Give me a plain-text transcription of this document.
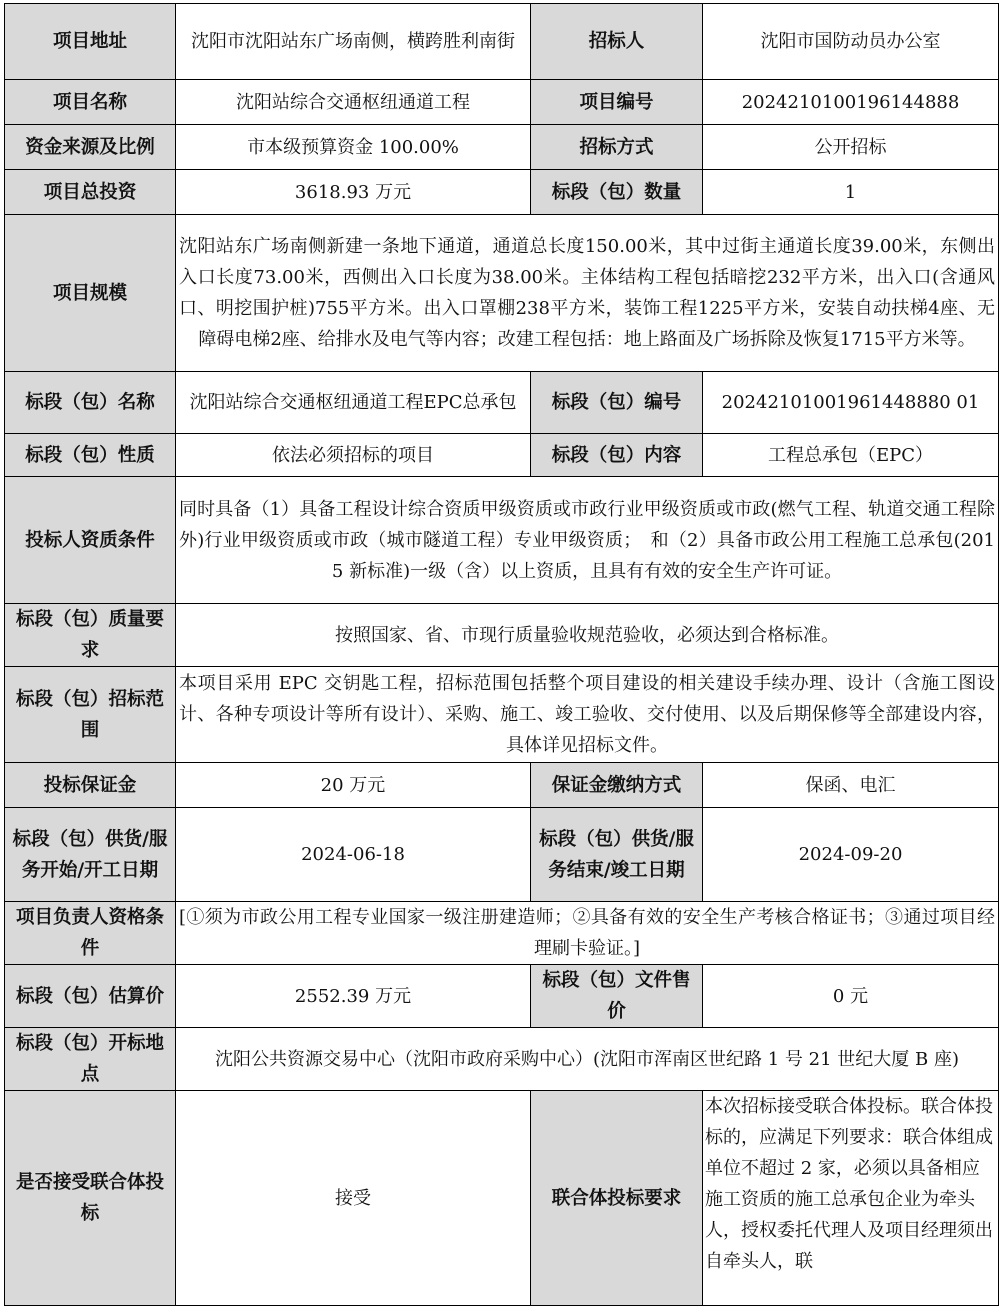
项目地址	沈阳市沈阳站东广场南侧，横跨胜利南街	招标人	沈阳市国防动员办公室
项目名称	沈阳站综合交通枢纽通道工程	项目编号	2024210100196144888
资金来源及比例	市本级预算资金 100.00%	招标方式	公开招标
项目总投资	3618.93 万元	标段（包）数量	1
项目规模	沈阳站东广场南侧新建一条地下通道，通道总长度150.00米，其中过街主通道长度39.00米，东侧出入口长度73.00米，西侧出入口长度为38.00米。主体结构工程包括暗挖232平方米，出入口(含通风口、明挖围护桩)755平方米。出入口罩棚238平方米，装饰工程1225平方米，安装自动扶梯4座、无障碍电梯2座、给排水及电气等内容；改建工程包括：地上路面及广场拆除及恢复1715平方米等。		
标段（包）名称	沈阳站综合交通枢纽通道工程EPC总承包	标段（包）编号	20242101001961448880 01
标段（包）性质	依法必须招标的项目	标段（包）内容	工程总承包（EPC）
投标人资质条件	同时具备（1）具备工程设计综合资质甲级资质或市政行业甲级资质或市政(燃气工程、轨道交通工程除外)行业甲级资质或市政（城市隧道工程）专业甲级资质；　和（2）具备市政公用工程施工总承包(2015 新标准)一级（含）以上资质，且具有有效的安全生产许可证。		
标段（包）质量要求	按照国家、省、市现行质量验收规范验收，必须达到合格标准。		
标段（包）招标范围	本项目采用 EPC 交钥匙工程，招标范围包括整个项目建设的相关建设手续办理、设计（含施工图设计、各种专项设计等所有设计）、采购、施工、竣工验收、交付使用、以及后期保修等全部建设内容，具体详见招标文件。		
投标保证金	20 万元	保证金缴纳方式	保函、电汇
标段（包）供货/服务开始/开工日期	2024-06-18	标段（包）供货/服务结束/竣工日期	2024-09-20
项目负责人资格条件	[①须为市政公用工程专业国家一级注册建造师；②具备有效的安全生产考核合格证书；③通过项目经理刷卡验证。]		
标段（包）估算价	2552.39 万元	标段（包）文件售价	0 元
标段（包）开标地点	沈阳公共资源交易中心（沈阳市政府采购中心）(沈阳市浑南区世纪路 1 号 21 世纪大厦 B 座)		
是否接受联合体投标	接受	联合体投标要求	本次招标接受联合体投标。联合体投标的，应满足下列要求：联合体组成单位不超过 2 家，必须以具备相应施工资质的施工总承包企业为牵头人，授权委托代理人及项目经理须出自牵头人，联
